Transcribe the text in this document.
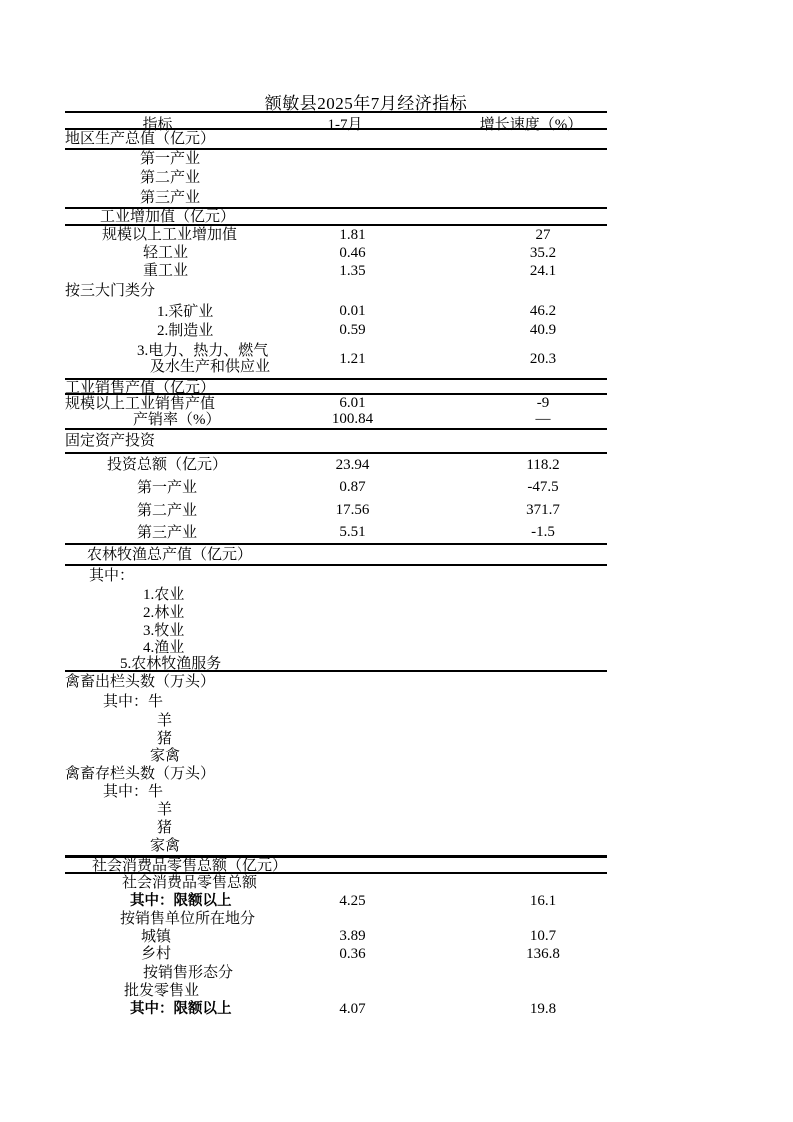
额敏县2025年7月经济指标
指标	1-7月	增长速度（%）
地区生产总值（亿元）
第一产业
第二产业
第三产业
工业增加值（亿元）
规模以上工业增加值	1.81	27
轻工业	0.46	35.2
重工业	1.35	24.1
按三大门类分
1.采矿业	0.01	46.2
2.制造业	0.59	40.9
3.电力、热力、燃气
及水生产和供应业
1.21	20.3
工业销售产值（亿元）
规模以上工业销售产值	6.01	-9
产销率（%）	100.84	—
固定资产投资
投资总额（亿元）	23.94	118.2
第一产业	0.87	-47.5
第二产业	17.56	371.7
第三产业	5.51	-1.5
农林牧渔总产值（亿元）
其中：
1.农业
2.林业
3.牧业
4.渔业
5.农林牧渔服务
禽畜出栏头数（万头）
其中：牛
羊
猪
家禽
禽畜存栏头数（万头）
其中：牛
羊
猪
家禽
社会消费品零售总额（亿元）
社会消费品零售总额
其中：限额以上	4.25	16.1
按销售单位所在地分
城镇	3.89	10.7
乡村	0.36	136.8
按销售形态分
批发零售业
其中：限额以上	4.07	19.8
